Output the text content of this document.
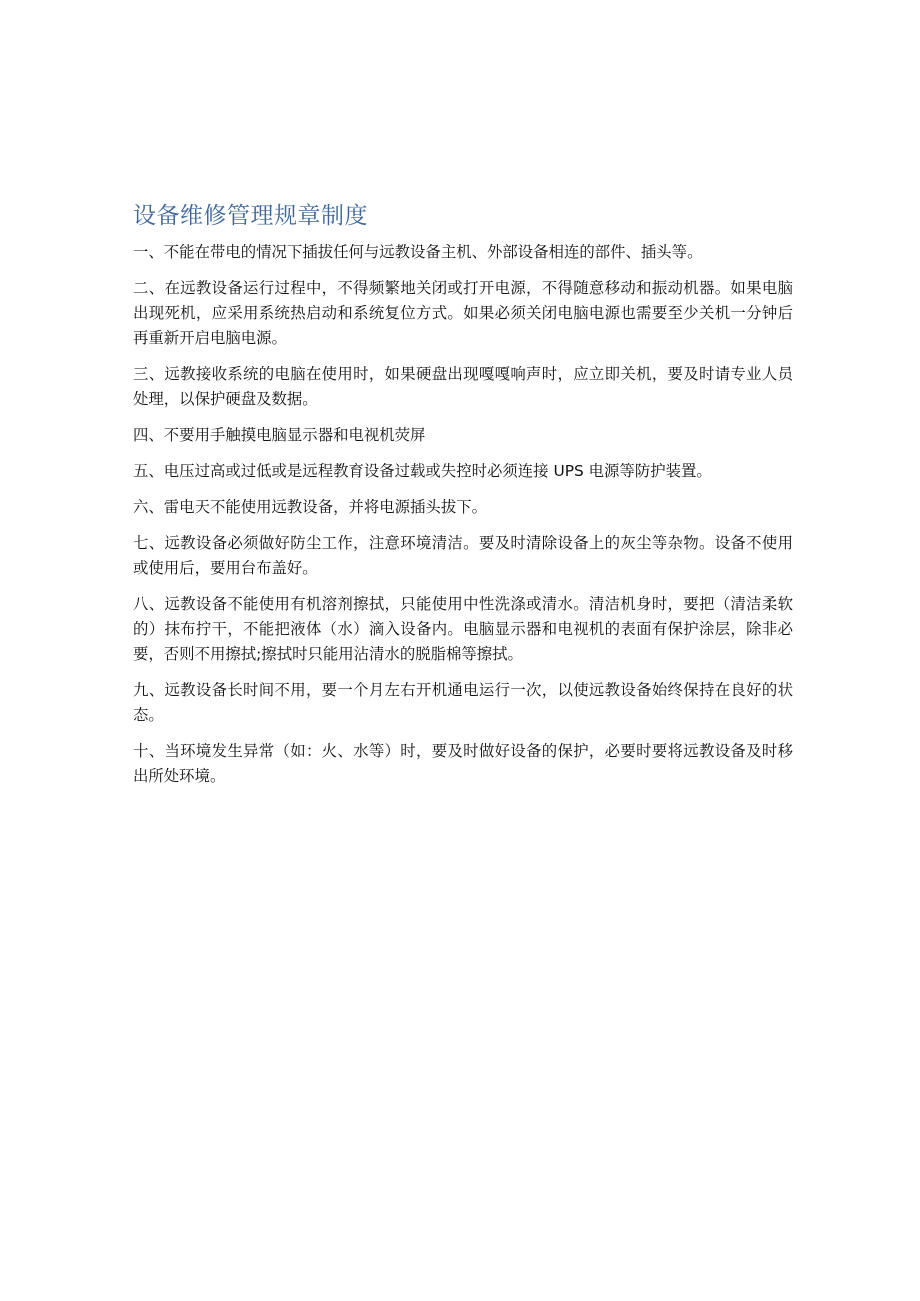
设备维修管理规章制度

一、不能在带电的情况下插拔任何与远教设备主机、外部设备相连的部件、插头等。

二、在远教设备运行过程中，不得频繁地关闭或打开电源，不得随意移动和振动机器。如果电脑出现死机，应采用系统热启动和系统复位方式。如果必须关闭电脑电源也需要至少关机一分钟后再重新开启电脑电源。

三、远教接收系统的电脑在使用时，如果硬盘出现嘎嘎响声时，应立即关机，要及时请专业人员处理，以保护硬盘及数据。

四、不要用手触摸电脑显示器和电视机荧屏

五、电压过高或过低或是远程教育设备过载或失控时必须连接 UPS 电源等防护装置。

六、雷电天不能使用远教设备，并将电源插头拔下。

七、远教设备必须做好防尘工作，注意环境清洁。要及时清除设备上的灰尘等杂物。设备不使用或使用后，要用台布盖好。

八、远教设备不能使用有机溶剂擦拭，只能使用中性洗涤或清水。清洁机身时，要把（清洁柔软的）抹布拧干，不能把液体（水）滴入设备内。电脑显示器和电视机的表面有保护涂层，除非必要，否则不用擦拭;擦拭时只能用沾清水的脱脂棉等擦拭。

九、远教设备长时间不用，要一个月左右开机通电运行一次，以使远教设备始终保持在良好的状态。

十、当环境发生异常（如：火、水等）时，要及时做好设备的保护，必要时要将远教设备及时移出所处环境。
